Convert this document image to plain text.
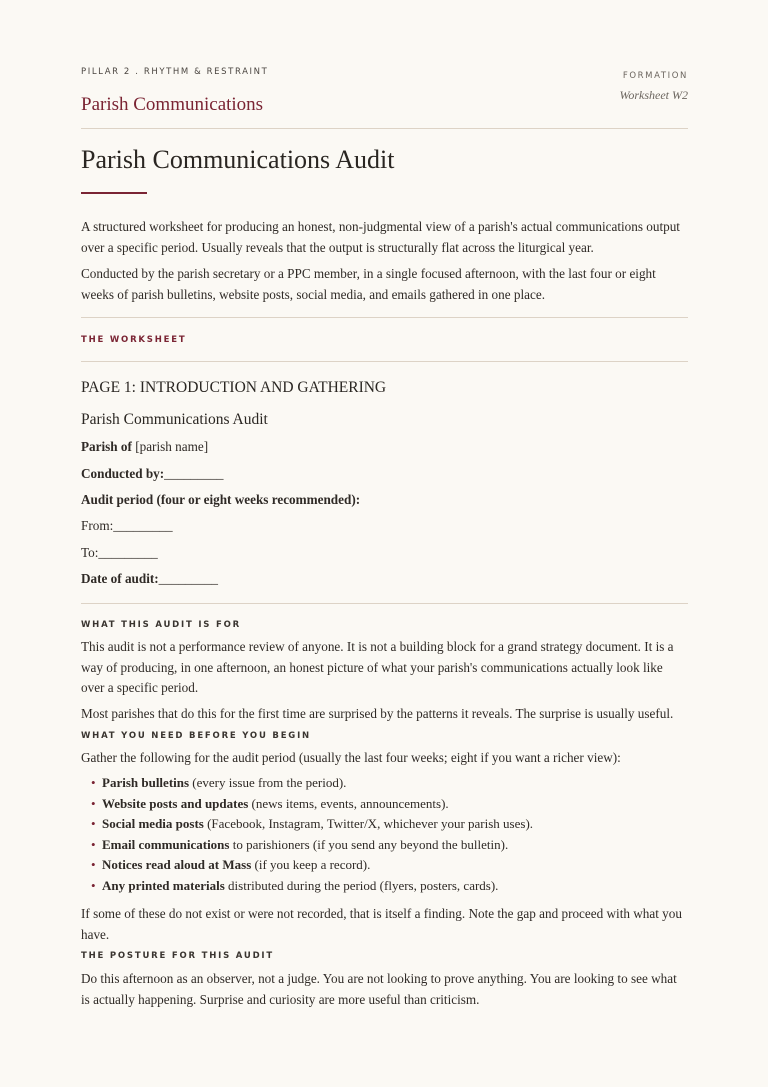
PILLAR 2 . RHYTHM & RESTRAINT
Parish Communications
FORMATION
Worksheet W2
Parish Communications Audit
A structured worksheet for producing an honest, non-judgmental view of a parish's actual communications output over a specific period. Usually reveals that the output is structurally flat across the liturgical year.
Conducted by the parish secretary or a PPC member, in a single focused afternoon, with the last four or eight weeks of parish bulletins, website posts, social media, and emails gathered in one place.
THE WORKSHEET
PAGE 1: INTRODUCTION AND GATHERING
Parish Communications Audit
Parish of [parish name]
Conducted by:_________
Audit period (four or eight weeks recommended):
From:_________
To:_________
Date of audit:_________
WHAT THIS AUDIT IS FOR
This audit is not a performance review of anyone. It is not a building block for a grand strategy document. It is a way of producing, in one afternoon, an honest picture of what your parish's communications actually look like over a specific period.
Most parishes that do this for the first time are surprised by the patterns it reveals. The surprise is usually useful.
WHAT YOU NEED BEFORE YOU BEGIN
Gather the following for the audit period (usually the last four weeks; eight if you want a richer view):
• Parish bulletins (every issue from the period).
• Website posts and updates (news items, events, announcements).
• Social media posts (Facebook, Instagram, Twitter/X, whichever your parish uses).
• Email communications to parishioners (if you send any beyond the bulletin).
• Notices read aloud at Mass (if you keep a record).
• Any printed materials distributed during the period (flyers, posters, cards).
If some of these do not exist or were not recorded, that is itself a finding. Note the gap and proceed with what you have.
THE POSTURE FOR THIS AUDIT
Do this afternoon as an observer, not a judge. You are not looking to prove anything. You are looking to see what is actually happening. Surprise and curiosity are more useful than criticism.
